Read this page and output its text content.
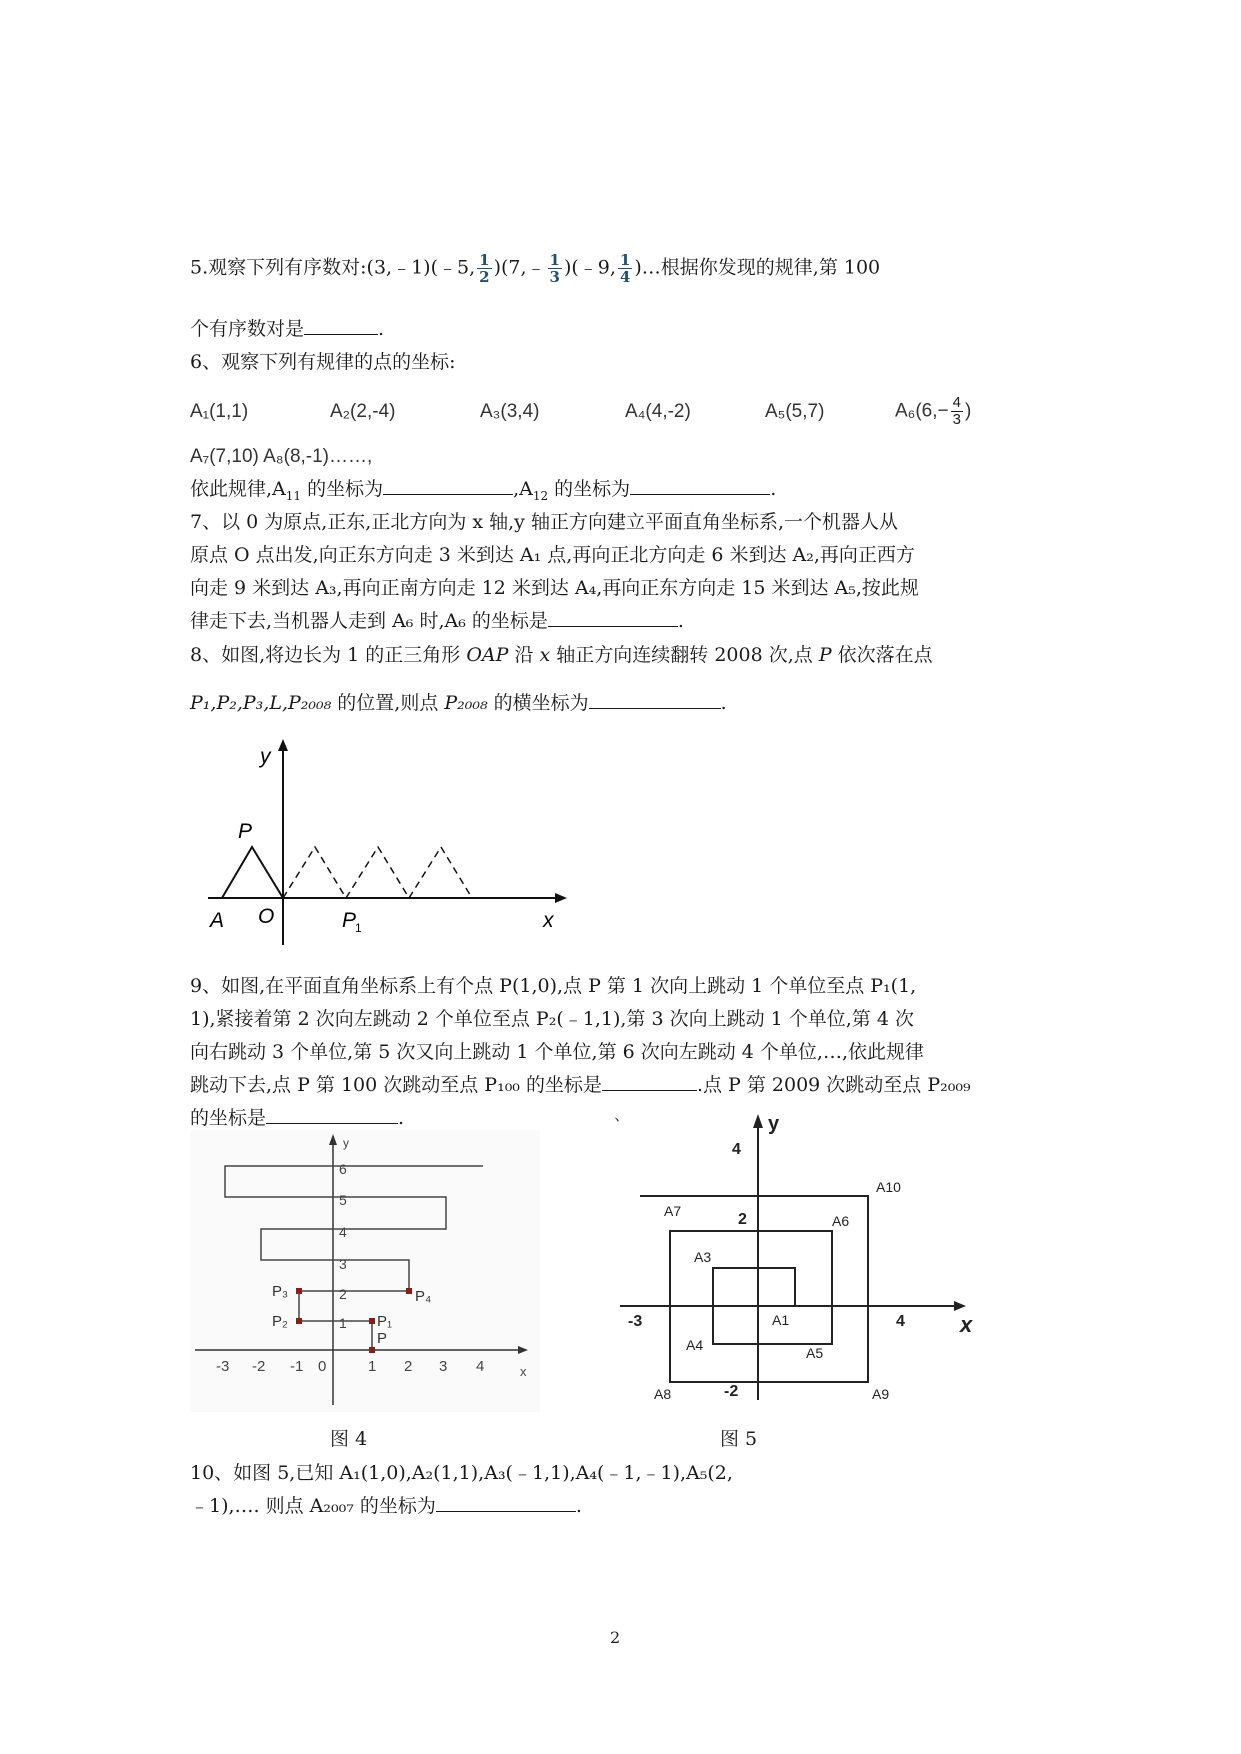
5.观察下列有序数对:(3,﹣1)(﹣5, $\frac{1}{2}$ )(7,﹣ $\frac{1}{3}$ )(﹣9, $\frac{1}{4}$ )…根据你发现的规律,第 100
个有序数对是	.
6、观察下列有规律的点的坐标:
A₁(1,1)	A₂(2,-4)	A₃(3,4)	A₄(4,-2)	A₅(5,7)	$A_6(6,- \frac{4}{3}$ )
A₇(7,10) A₈(8,-1)……,
依此规律$,A_{11}$ 的坐标为	$,A_{12}$ 的坐标为	.
7、以 0 为原点,正东,正北方向为 x 轴,y 轴正方向建立平面直角坐标系,一个机器人从
原点 O 点出发,向正东方向走 3 米到达 A₁ 点,再向正北方向走 6 米到达 A₂,再向正西方
向走 9 米到达 A₃,再向正南方向走 12 米到达 A₄,再向正东方向走 15 米到达 A₅,按此规
律走下去,当机器人走到 A₆ 时,A₆ 的坐标是	.
8、如图,将边长为 1 的正三角形 OAP 沿 x 轴正方向连续翻转 2008 次,点 P 依次落在点
P₁,P₂,P₃,L,P₂₀₀₈ 的位置,则点 P₂₀₀₈ 的横坐标为	.
y
P
A O	P
1	x
9、如图,在平面直角坐标系上有个点 P(1,0),点 P 第 1 次向上跳动 1 个单位至点 P₁(1,
1),紧接着第 2 次向左跳动 2 个单位至点 P₂(﹣1,1),第 3 次向上跳动 1 个单位,第 4 次
向右跳动 3 个单位,第 5 次又向上跳动 1 个单位,第 6 次向左跳动 4 个单位,…,依此规律
跳动下去,点 P 第 100 次跳动至点 P₁₀₀ 的坐标是	.点 P 第 2009 次跳动至点 P₂₀₀₉
的坐标是	.
y
x
-3 -2 -1 0	1 2 3 4
1
2
3
4
5
6
P
P₁
P₂
P₃	P₄
图 4
、	y
x
4
2
-3	4
-2
A1
A3
A4	A5
A6
A7
A8	A9
A10
图 5
10、如图 5,已知 A₁(1,0),A₂(1,1),A₃(﹣1,1),A₄(﹣1,﹣1),A₅(2,
﹣1),…. 则点 A₂₀₀₇ 的坐标为	.
2
